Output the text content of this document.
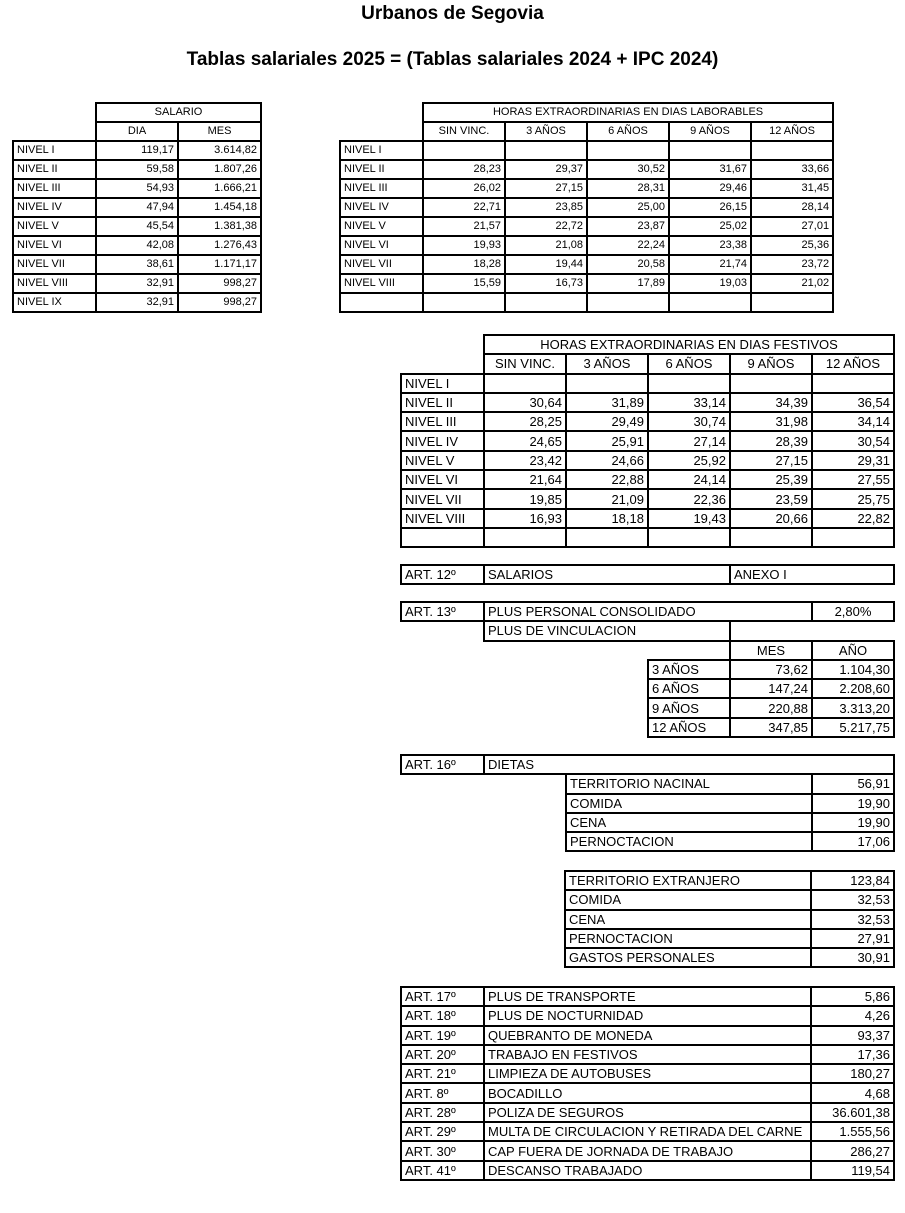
Urbanos de Segovia
Tablas salariales 2025 = (Tablas salariales 2024 + IPC 2024)
	SALARIO	
	DIA	MES
NIVEL I	119,17	3.614,82
NIVEL II	59,58	1.807,26
NIVEL III	54,93	1.666,21
NIVEL IV	47,94	1.454,18
NIVEL V	45,54	1.381,38
NIVEL VI	42,08	1.276,43
NIVEL VII	38,61	1.171,17
NIVEL VIII	32,91	998,27
NIVEL IX	32,91	998,27
	HORAS EXTRAORDINARIAS EN DIAS LABORABLES				
	SIN VINC.	3 AÑOS	6 AÑOS	9 AÑOS	12 AÑOS
NIVEL I					
NIVEL II	28,23	29,37	30,52	31,67	33,66
NIVEL III	26,02	27,15	28,31	29,46	31,45
NIVEL IV	22,71	23,85	25,00	26,15	28,14
NIVEL V	21,57	22,72	23,87	25,02	27,01
NIVEL VI	19,93	21,08	22,24	23,38	25,36
NIVEL VII	18,28	19,44	20,58	21,74	23,72
NIVEL VIII	15,59	16,73	17,89	19,03	21,02

	HORAS EXTRAORDINARIAS EN DIAS FESTIVOS				
	SIN VINC.	3 AÑOS	6 AÑOS	9 AÑOS	12 AÑOS
NIVEL I					
NIVEL II	30,64	31,89	33,14	34,39	36,54
NIVEL III	28,25	29,49	30,74	31,98	34,14
NIVEL IV	24,65	25,91	27,14	28,39	30,54
NIVEL V	23,42	24,66	25,92	27,15	29,31
NIVEL VI	21,64	22,88	24,14	25,39	27,55
NIVEL VII	19,85	21,09	22,36	23,59	25,75
NIVEL VIII	16,93	18,18	19,43	20,66	22,82

ART. 12º	SALARIOS	ANEXO I
ART. 13º	PLUS PERSONAL CONSOLIDADO				2,80%
	PLUS DE VINCULACION				
				MES	AÑO
			3 AÑOS	73,62	1.104,30
			6 AÑOS	147,24	2.208,60
			9 AÑOS	220,88	3.313,20
			12 AÑOS	347,85	5.217,75
ART. 16º	DIETAS		
		TERRITORIO NACINAL	56,91
		COMIDA	19,90
		CENA	19,90
		PERNOCTACION	17,06
TERRITORIO EXTRANJERO	123,84
COMIDA	32,53
CENA	32,53
PERNOCTACION	27,91
GASTOS PERSONALES	30,91
ART. 17º	PLUS DE TRANSPORTE	5,86
ART. 18º	PLUS DE NOCTURNIDAD	4,26
ART. 19º	QUEBRANTO DE MONEDA	93,37
ART. 20º	TRABAJO EN FESTIVOS	17,36
ART. 21º	LIMPIEZA DE AUTOBUSES	180,27
ART. 8º	BOCADILLO	4,68
ART. 28º	POLIZA DE SEGUROS	36.601,38
ART. 29º	MULTA DE CIRCULACION Y RETIRADA DEL CARNE	1.555,56
ART. 30º	CAP FUERA DE JORNADA DE TRABAJO	286,27
ART. 41º	DESCANSO TRABAJADO	119,54
